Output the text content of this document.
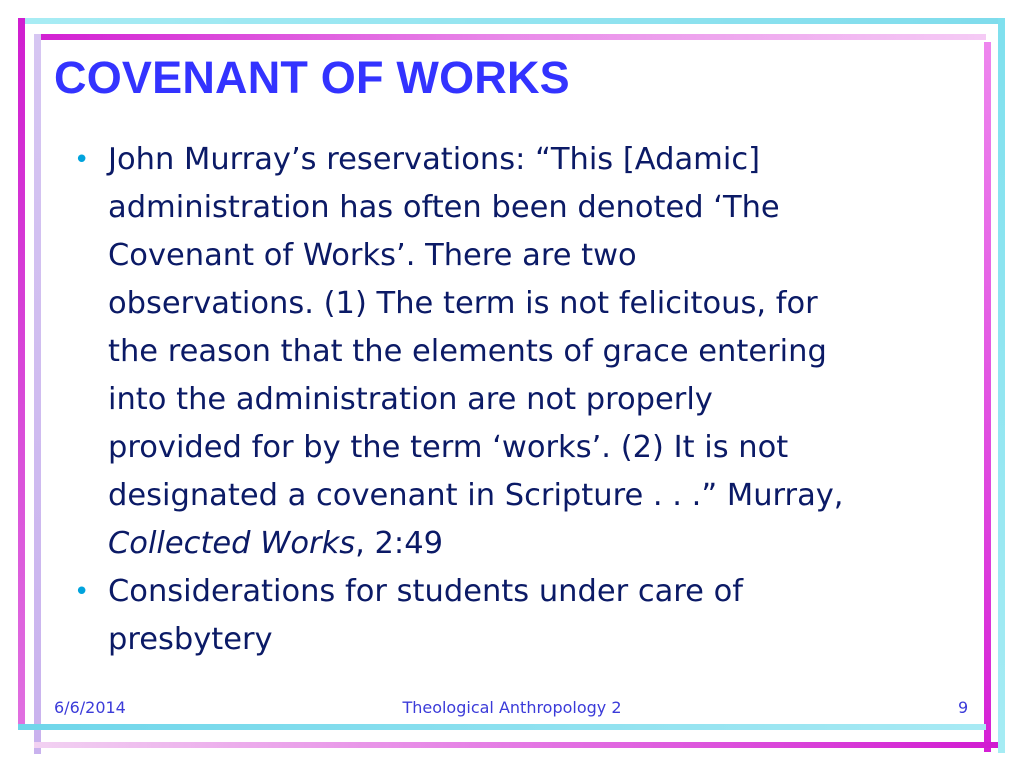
COVENANT OF WORKS
• John Murray’s reservations: “This [Adamic]
administration has often been denoted ‘The
Covenant of Works’. There are two
observations. (1) The term is not felicitous, for
the reason that the elements of grace entering
into the administration are not properly
provided for by the term ‘works’. (2) It is not
designated a covenant in Scripture . . .” Murray,
Collected Works, 2:49
• Considerations for students under care of
presbytery
6/6/2014	Theological Anthropology 2	9
